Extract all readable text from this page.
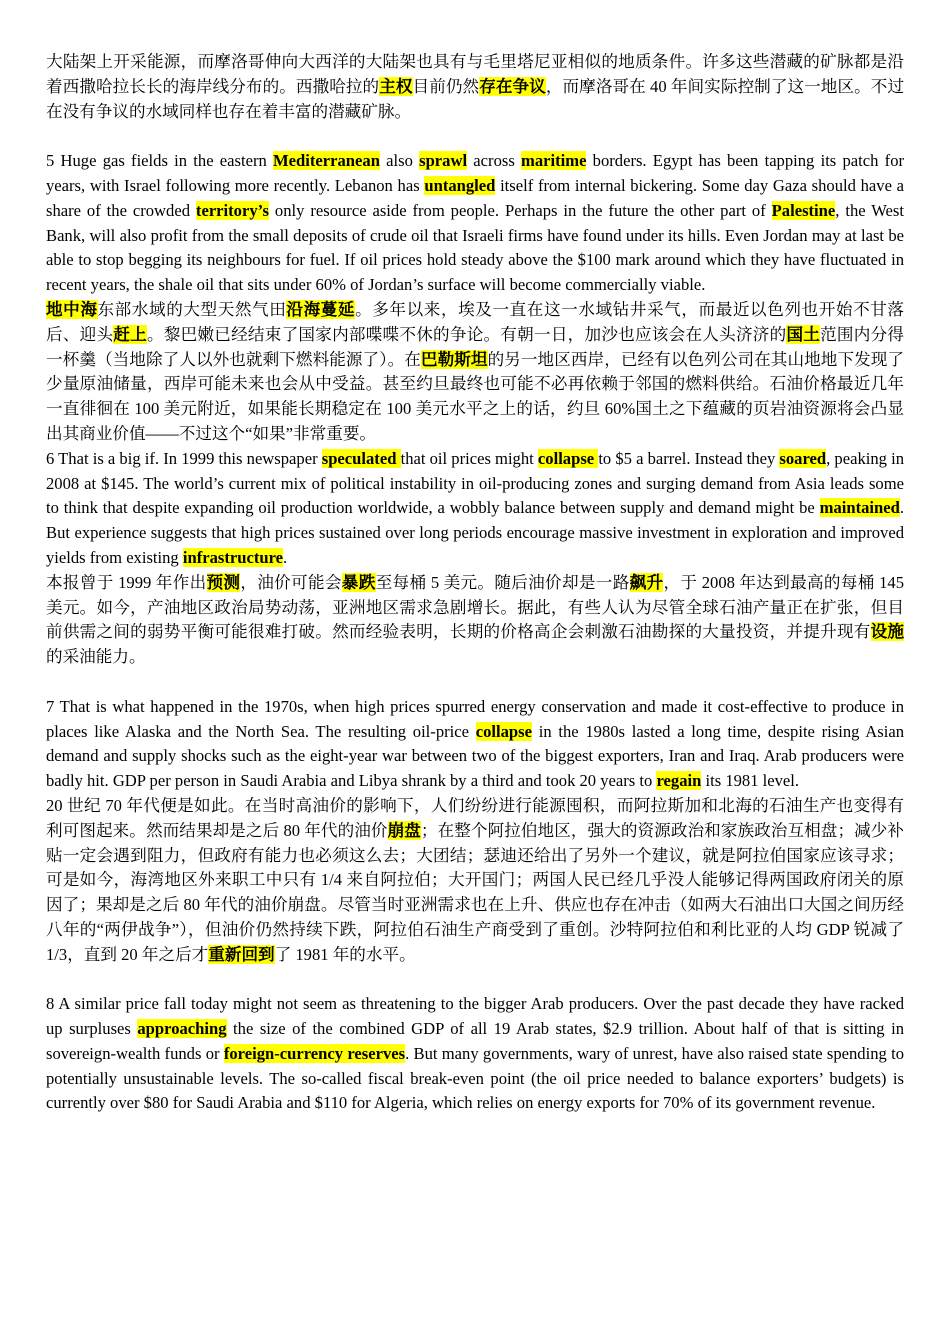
大陆架上开采能源，而摩洛哥伸向大西洋的大陆架也具有与毛里塔尼亚相似的地质条件。许多这些潜藏的矿脉都是沿着西撒哈拉长长的海岸线分布的。西撒哈拉的主权目前仍然存在争议，而摩洛哥在 40 年间实际控制了这一地区。不过在没有争议的水域同样也存在着丰富的潜藏矿脉。

5 Huge gas fields in the eastern Mediterranean also sprawl across maritime borders. Egypt has been tapping its patch for years, with Israel following more recently. Lebanon has untangled itself from internal bickering. Some day Gaza should have a share of the crowded territory’s only resource aside from people. Perhaps in the future the other part of Palestine, the West Bank, will also profit from the small deposits of crude oil that Israeli firms have found under its hills. Even Jordan may at last be able to stop begging its neighbours for fuel. If oil prices hold steady above the $100 mark around which they have fluctuated in recent years, the shale oil that sits under 60% of Jordan’s surface will become commercially viable.

地中海东部水域的大型天然气田沿海蔓延。多年以来，埃及一直在这一水域钻井采气，而最近以色列也开始不甘落后、迎头赶上。黎巴嫩已经结束了国家内部喋喋不休的争论。有朝一日，加沙也应该会在人头济济的国土范围内分得一杯羹（当地除了人以外也就剩下燃料能源了）。在巴勒斯坦的另一地区西岸，已经有以色列公司在其山地地下发现了少量原油储量，西岸可能未来也会从中受益。甚至约旦最终也可能不必再依赖于邻国的燃料供给。石油价格最近几年一直徘徊在 100 美元附近，如果能长期稳定在 100 美元水平之上的话，约旦 60%国土之下蕴藏的页岩油资源将会凸显出其商业价值——不过这个“如果”非常重要。

6 That is a big if. In 1999 this newspaper speculated that oil prices might collapse to $5 a barrel. Instead they soared, peaking in 2008 at $145. The world’s current mix of political instability in oil-producing zones and surging demand from Asia leads some to think that despite expanding oil production worldwide, a wobbly balance between supply and demand might be maintained. But experience suggests that high prices sustained over long periods encourage massive investment in exploration and improved yields from existing infrastructure.

本报曾于 1999 年作出预测，油价可能会暴跌至每桶 5 美元。随后油价却是一路飙升，于 2008 年达到最高的每桶 145 美元。如今，产油地区政治局势动荡，亚洲地区需求急剧增长。据此，有些人认为尽管全球石油产量正在扩张，但目前供需之间的弱势平衡可能很难打破。然而经验表明，长期的价格高企会刺激石油勘探的大量投资，并提升现有设施的采油能力。

7 That is what happened in the 1970s, when high prices spurred energy conservation and made it cost-effective to produce in places like Alaska and the North Sea. The resulting oil-price collapse in the 1980s lasted a long time, despite rising Asian demand and supply shocks such as the eight-year war between two of the biggest exporters, Iran and Iraq. Arab producers were badly hit. GDP per person in Saudi Arabia and Libya shrank by a third and took 20 years to regain its 1981 level.

20 世纪 70 年代便是如此。在当时高油价的影响下，人们纷纷进行能源囤积，而阿拉斯加和北海的石油生产也变得有利可图起来。然而结果却是之后 80 年代的油价崩盘；在整个阿拉伯地区，强大的资源政治和家族政治互相盘；减少补贴一定会遇到阻力，但政府有能力也必须这么去；大团结；瑟迪还给出了另外一个建议，就是阿拉伯国家应该寻求；可是如今，海湾地区外来职工中只有 1/4 来自阿拉伯；大开国门；两国人民已经几乎没人能够记得两国政府闭关的原因了；果却是之后 80 年代的油价崩盘。尽管当时亚洲需求也在上升、供应也存在冲击（如两大石油出口大国之间历经八年的“两伊战争”），但油价仍然持续下跌，阿拉伯石油生产商受到了重创。沙特阿拉伯和利比亚的人均 GDP 锐减了 1/3，直到 20 年之后才重新回到了 1981 年的水平。

8 A similar price fall today might not seem as threatening to the bigger Arab producers. Over the past decade they have racked up surpluses approaching the size of the combined GDP of all 19 Arab states, $2.9 trillion. About half of that is sitting in sovereign-wealth funds or foreign-currency reserves. But many governments, wary of unrest, have also raised state spending to potentially unsustainable levels. The so-called fiscal break-even point (the oil price needed to balance exporters’ budgets) is currently over $80 for Saudi Arabia and $110 for Algeria, which relies on energy exports for 70% of its government revenue.
